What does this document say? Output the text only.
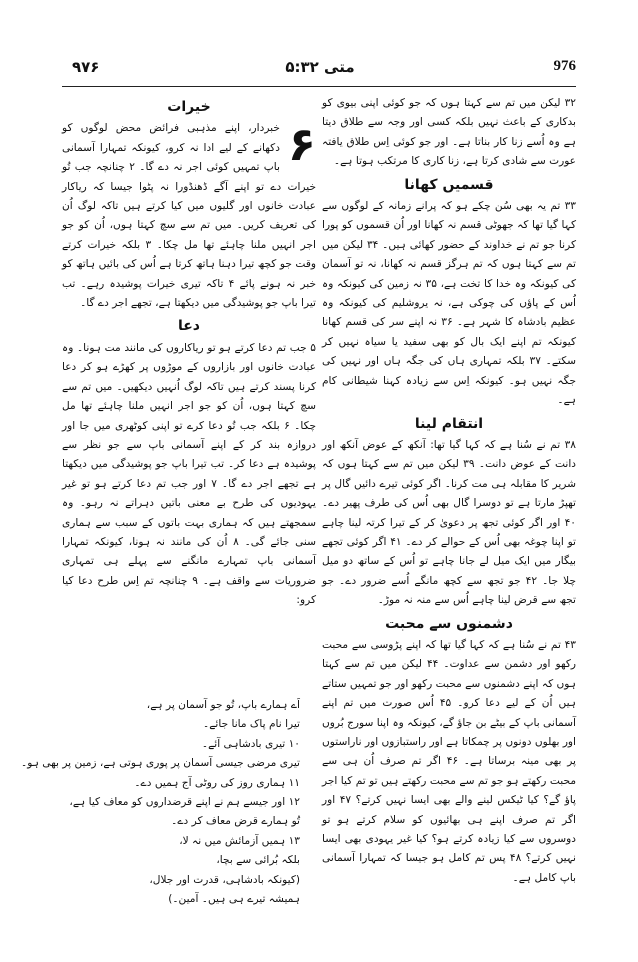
۹۷۶	متی ۵:۳۲	976

۳۲ لیکن میں تم سے کہتا ہوں کہ جو کوئی اپنی بیوی کو بدکاری کے باعث نہیں بلکہ کسی اور وجہ سے طلاق دیتا ہے وہ اُسے زنا کار بناتا ہے۔ اور جو کوئی اِس طلاق یافتہ عورت سے شادی کرتا ہے، زنا کاری کا مرتکب ہوتا ہے۔

قسمیں کھانا

۳۳ تم یہ بھی سُن چکے ہو کہ پرانے زمانہ کے لوگوں سے کہا گیا تھا کہ جھوٹی قسم نہ کھانا اور اُن قسموں کو پورا کرنا جو تم نے خداوند کے حضور کھائی ہیں۔ ۳۴ لیکن میں تم سے کہتا ہوں کہ تم ہرگز قسم نہ کھانا، نہ تو آسمان کی کیونکہ وہ خدا کا تخت ہے، ۳۵ نہ زمین کی کیونکہ وہ اُس کے پاؤں کی چوکی ہے، نہ یروشلیم کی کیونکہ وہ عظیم بادشاہ کا شہر ہے۔ ۳۶ نہ اپنے سر کی قسم کھانا کیونکہ تم اپنے ایک بال کو بھی سفید یا سیاہ نہیں کر سکتے۔ ۳۷ بلکہ تمہاری ہاں کی جگہ ہاں اور نہیں کی جگہ نہیں ہو۔ کیونکہ اِس سے زیادہ کہنا شیطانی کام ہے۔

انتقام لینا

۳۸ تم نے سُنا ہے کہ کہا گیا تھا: آنکھ کے عوض آنکھ اور دانت کے عوض دانت۔ ۳۹ لیکن میں تم سے کہتا ہوں کہ شریر کا مقابلہ ہی مت کرنا۔ اگر کوئی تیرے دائیں گال پر تھپڑ مارتا ہے تو دوسرا گال بھی اُس کی طرف پھیر دے۔ ۴۰ اور اگر کوئی تجھ پر دعویٰ کر کے تیرا کرتہ لینا چاہے تو اپنا چوغہ بھی اُس کے حوالے کر دے۔ ۴۱ اگر کوئی تجھے بیگار میں ایک میل لے جانا چاہے تو اُس کے ساتھ دو میل چلا جا۔ ۴۲ جو تجھ سے کچھ مانگے اُسے ضرور دے۔ جو تجھ سے قرض لینا چاہے اُس سے منہ نہ موڑ۔

دشمنوں سے محبت

۴۳ تم نے سُنا ہے کہ کہا گیا تھا کہ اپنے پڑوسی سے محبت رکھو اور دشمن سے عداوت۔ ۴۴ لیکن میں تم سے کہتا ہوں کہ اپنے دشمنوں سے محبت رکھو اور جو تمہیں ستاتے ہیں اُن کے لیے دعا کرو۔ ۴۵ اُس صورت میں تم اپنے آسمانی باپ کے بیٹے بن جاؤ گے، کیونکہ وہ اپنا سورج بُروں اور بھلوں دونوں پر چمکاتا ہے اور راستبازوں اور ناراستوں پر بھی مینہ برساتا ہے۔ ۴۶ اگر تم صرف اُن ہی سے محبت رکھتے ہو جو تم سے محبت رکھتے ہیں تو تم کیا اجر پاؤ گے؟ کیا ٹیکس لینے والے بھی ایسا نہیں کرتے؟ ۴۷ اور اگر تم صرف اپنے ہی بھائیوں کو سلام کرتے ہو تو دوسروں سے کیا زیادہ کرتے ہو؟ کیا غیر یہودی بھی ایسا نہیں کرتے؟ ۴۸ پس تم کامل ہو جیسا کہ تمہارا آسمانی باپ کامل ہے۔

خیرات
۶

خبردار، اپنے مذہبی فرائض محض لوگوں کو دکھانے کے لیے ادا نہ کرو، کیونکہ تمہارا آسمانی باپ تمہیں کوئی اجر نہ دے گا۔ ۲ چنانچہ جب تُو خیرات دے تو اپنے آگے ڈھنڈورا نہ پٹوا جیسا کہ ریاکار عبادت خانوں اور گلیوں میں کیا کرتے ہیں تاکہ لوگ اُن کی تعریف کریں۔ میں تم سے سچ کہتا ہوں، اُن کو جو اجر انہیں ملنا چاہئے تھا مل چکا۔ ۳ بلکہ خیرات کرتے وقت جو کچھ تیرا دہنا ہاتھ کرتا ہے اُس کی بائیں ہاتھ کو خبر نہ ہونے پائے ۴ تاکہ تیری خیرات پوشیدہ رہے۔ تب تیرا باپ جو پوشیدگی میں دیکھتا ہے، تجھے اجر دے گا۔

دعا

۵ جب تم دعا کرتے ہو تو ریاکاروں کی مانند مت ہونا۔ وہ عبادت خانوں اور بازاروں کے موڑوں پر کھڑے ہو کر دعا کرنا پسند کرتے ہیں تاکہ لوگ اُنہیں دیکھیں۔ میں تم سے سچ کہتا ہوں، اُن کو جو اجر انہیں ملنا چاہئے تھا مل چکا۔ ۶ بلکہ جب تُو دعا کرے تو اپنی کوٹھری میں جا اور دروازہ بند کر کے اپنے آسمانی باپ سے جو نظر سے پوشیدہ ہے دعا کر۔ تب تیرا باپ جو پوشیدگی میں دیکھتا ہے تجھے اجر دے گا۔ ۷ اور جب تم دعا کرتے ہو تو غیر یہودیوں کی طرح بے معنی باتیں دہراتے نہ رہو۔ وہ سمجھتے ہیں کہ ہماری بہت باتوں کے سبب سے ہماری سنی جائے گی۔ ۸ اُن کی مانند نہ ہونا، کیونکہ تمہارا آسمانی باپ تمہارے مانگنے سے پہلے ہی تمہاری ضروریات سے واقف ہے۔ ۹ چنانچہ تم اِس طرح دعا کیا کرو:

اَے ہمارے باپ، تُو جو آسمان پر ہے،
تیرا نام پاک مانا جائے۔
۱۰ تیری بادشاہی آئے۔
تیری مرضی جیسی آسمان پر پوری ہوتی ہے، زمین پر بھی ہو۔
۱۱ ہماری روز کی روٹی آج ہمیں دے۔
۱۲ اور جیسے ہم نے اپنے قرضداروں کو معاف کیا ہے،
تُو ہمارے قرض معاف کر دے۔
۱۳ ہمیں آزمائش میں نہ لا،
بلکہ بُرائی سے بچا،
(کیونکہ بادشاہی، قدرت اور جلال،
ہمیشہ تیرے ہی ہیں۔ آمین۔)
